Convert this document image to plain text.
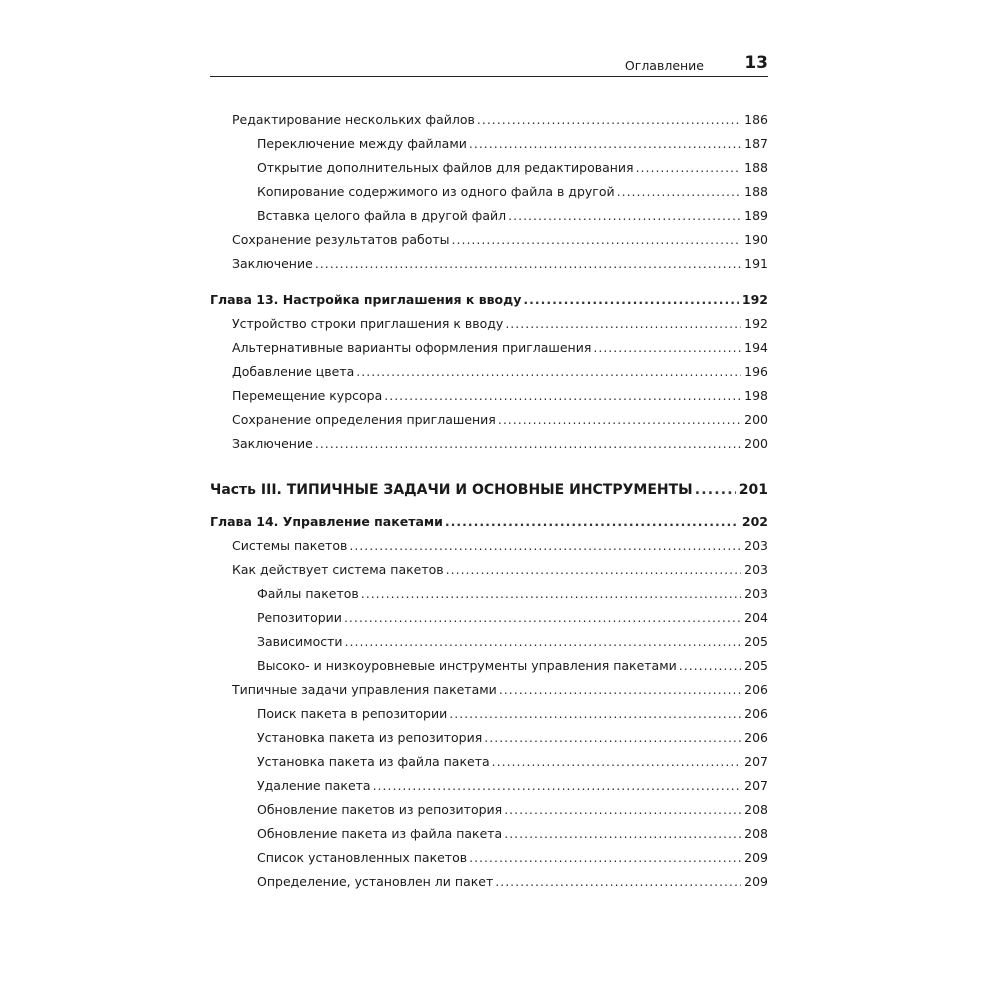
Оглавление 13
Редактирование нескольких файлов .....	186
Переключение между файлами .....	187
Открытие дополнительных файлов для редактирования .....	188
Копирование содержимого из одного файла в другой .....	188
Вставка целого файла в другой файл .....	189
Сохранение результатов работы .....	190
Заключение .....	191
Глава 13. Настройка приглашения к вводу .....	192
Устройство строки приглашения к вводу .....	192
Альтернативные варианты оформления приглашения .....	194
Добавление цвета .....	196
Перемещение курсора .....	198
Сохранение определения приглашения .....	200
Заключение .....	200
Часть III. ТИПИЧНЫЕ ЗАДАЧИ И ОСНОВНЫЕ ИНСТРУМЕНТЫ .....	201
Глава 14. Управление пакетами .....	202
Системы пакетов .....	203
Как действует система пакетов .....	203
Файлы пакетов .....	203
Репозитории .....	204
Зависимости .....	205
Высоко- и низкоуровневые инструменты управления пакетами .....	205
Типичные задачи управления пакетами .....	206
Поиск пакета в репозитории .....	206
Установка пакета из репозитория .....	206
Установка пакета из файла пакета .....	207
Удаление пакета .....	207
Обновление пакетов из репозитория .....	208
Обновление пакета из файла пакета .....	208
Список установленных пакетов .....	209
Определение, установлен ли пакет .....	209
